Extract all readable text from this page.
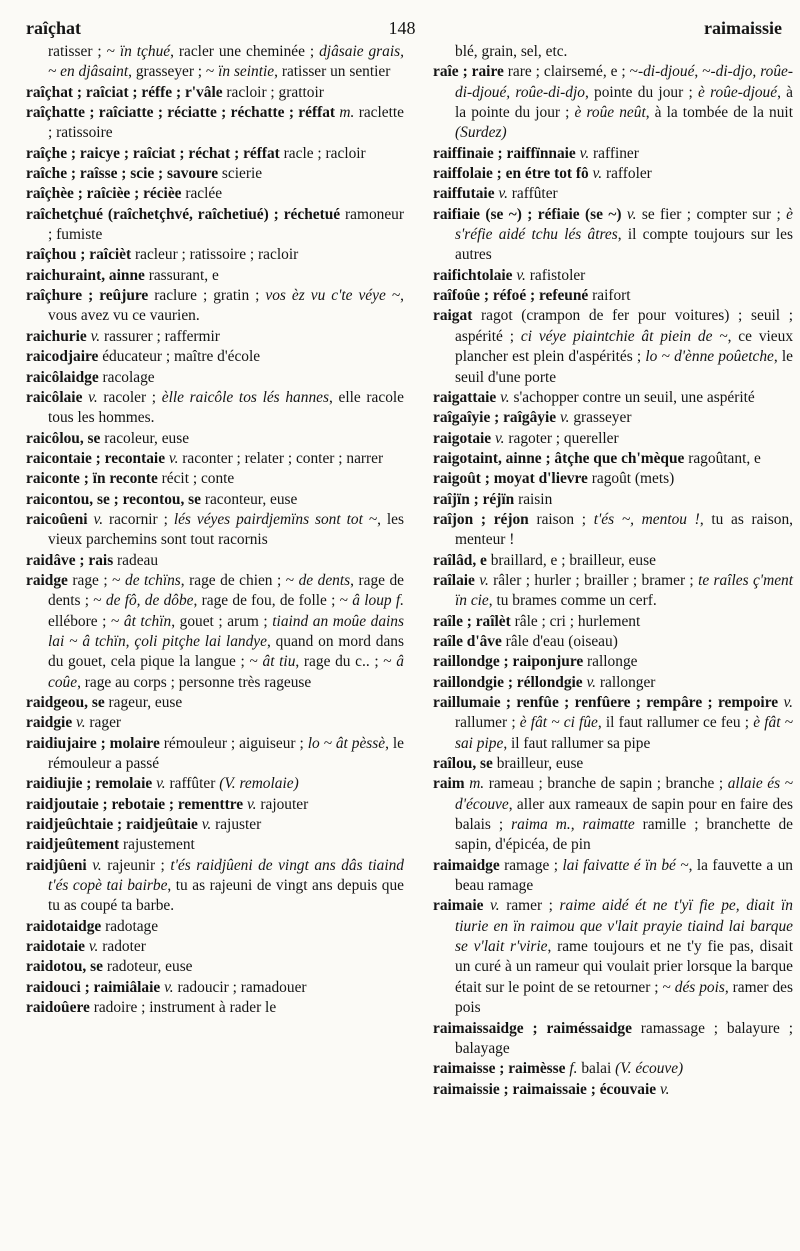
raîçhat	148	raimaissie

ratisser ; ~ ïn tçhué, racler une cheminée ; djâsaie grais, ~ en djâsaint, grasseyer ; ~ ïn seintie, ratisser un sentier

raîçhat ; raîciat ; réffe ; r'vâle racloir ; grattoir

raîçhatte ; raîciatte ; réciatte ; réchatte ; réffat m. raclette ; ratissoire

raîçhe ; raicye ; raîciat ; réchat ; réffat racle ; racloir

raîche ; raîsse ; scie ; savoure scierie

raîçhèe ; raîcièe ; récièe raclée

raîchetçhué (raîchetçhvé, raîchetiué) ; réchetué ramoneur ; fumiste

raîçhou ; raîcièt racleur ; ratissoire ; racloir

raichuraint, ainne rassurant, e

raîçhure ; reûjure raclure ; gratin ; vos èz vu c'te véye ~, vous avez vu ce vaurien.

raichurie v. rassurer ; raffermir

raicodjaire éducateur ; maître d'école

raicôlaidge racolage

raicôlaie v. racoler ; èlle raicôle tos lés hannes, elle racole tous les hommes.

raicôlou, se racoleur, euse

raicontaie ; recontaie v. raconter ; relater ; conter ; narrer

raiconte ; ïn reconte récit ; conte

raicontou, se ; recontou, se raconteur, euse

raicoûeni v. racornir ; lés véyes pairdjemïns sont tot ~, les vieux parchemins sont tout racornis

raidâve ; rais radeau

raidge rage ; ~ de tchïns, rage de chien ; ~ de dents, rage de dents ; ~ de fô, de dôbe, rage de fou, de folle ; ~ â loup f. ellébore ; ~ ât tchïn, gouet ; arum ; tiaind an moûe dains lai ~ â tchïn, çoli pitçhe lai landye, quand on mord dans du gouet, cela pique la langue ; ~ ât tiu, rage du c.. ; ~ â coûe, rage au corps ; personne très rageuse

raidgeou, se rageur, euse

raidgie v. rager

raidiujaire ; molaire rémouleur ; aiguiseur ; lo ~ ât pèssè, le rémouleur a passé

raidiujie ; remolaie v. raffûter (V. remolaie)

raidjoutaie ; rebotaie ; rementtre v. rajouter

raidjeûchtaie ; raidjeûtaie v. rajuster

raidjeûtement rajustement

raidjûeni v. rajeunir ; t'és raidjûeni de vingt ans dâs tiaind t'és copè tai bairbe, tu as rajeuni de vingt ans depuis que tu as coupé ta barbe.

raidotaidge radotage

raidotaie v. radoter

raidotou, se radoteur, euse

raidouci ; raimiâlaie v. radoucir ; ramadouer

raidoûere radoire ; instrument à rader le

blé, grain, sel, etc.

raîe ; raire rare ; clairsemé, e ; ~-di-djoué, ~-di-djo, roûe-di-djoué, roûe-di-djo, pointe du jour ; è roûe-djoué, à la pointe du jour ; è roûe neût, à la tombée de la nuit (Surdez)

raiffinaie ; raiffïnnaie v. raffiner

raiffolaie ; en étre tot fô v. raffoler

raiffutaie v. raffûter

raifiaie (se ~) ; réfiaie (se ~) v. se fier ; compter sur ; è s'réfie aidé tchu lés âtres, il compte toujours sur les autres

raifichtolaie v. rafistoler

raîfoûe ; réfoé ; refeuné raifort

raigat ragot (crampon de fer pour voitures) ; seuil ; aspérité ; ci véye piaintchie ât piein de ~, ce vieux plancher est plein d'aspérités ; lo ~ d'ènne poûetche, le seuil d'une porte

raigattaie v. s'achopper contre un seuil, une aspérité

raîgaîyie ; raîgâyie v. grasseyer

raigotaie v. ragoter ; quereller

raigotaint, ainne ; âtçhe que ch'mèque ragoûtant, e

raigoût ; moyat d'lievre ragoût (mets)

raîjïn ; réjïn raisin

raîjon ; réjon raison ; t'és ~, mentou !, tu as raison, menteur !

raîlâd, e braillard, e ; brailleur, euse

raîlaie v. râler ; hurler ; brailler ; bramer ; te raîles ç'ment ïn cie, tu brames comme un cerf.

raîle ; raîlèt râle ; cri ; hurlement

raîle d'âve râle d'eau (oiseau)

raillondge ; raiponjure rallonge

raillondgie ; réllondgie v. rallonger

raillumaie ; renfûe ; renfûere ; rempâre ; rempoire v. rallumer ; è fât ~ ci fûe, il faut rallumer ce feu ; è fât ~ sai pipe, il faut rallumer sa pipe

raîlou, se brailleur, euse

raim m. rameau ; branche de sapin ; branche ; allaie és ~ d'écouve, aller aux rameaux de sapin pour en faire des balais ; raima m., raimatte ramille ; branchette de sapin, d'épicéa, de pin

raimaidge ramage ; lai faivatte é ïn bé ~, la fauvette a un beau ramage

raimaie v. ramer ; raime aidé ét ne t'yï fie pe, diait ïn tiurie en ïn raimou que v'lait prayie tiaind lai barque se v'lait r'virie, rame toujours et ne t'y fie pas, disait un curé à un rameur qui voulait prier lorsque la barque était sur le point de se retourner ; ~ dés pois, ramer des pois

raimaissaidge ; raiméssaidge ramassage ; balayure ; balayage

raimaisse ; raimèsse f. balai (V. écouve)

raimaissie ; raimaissaie ; écouvaie v.
